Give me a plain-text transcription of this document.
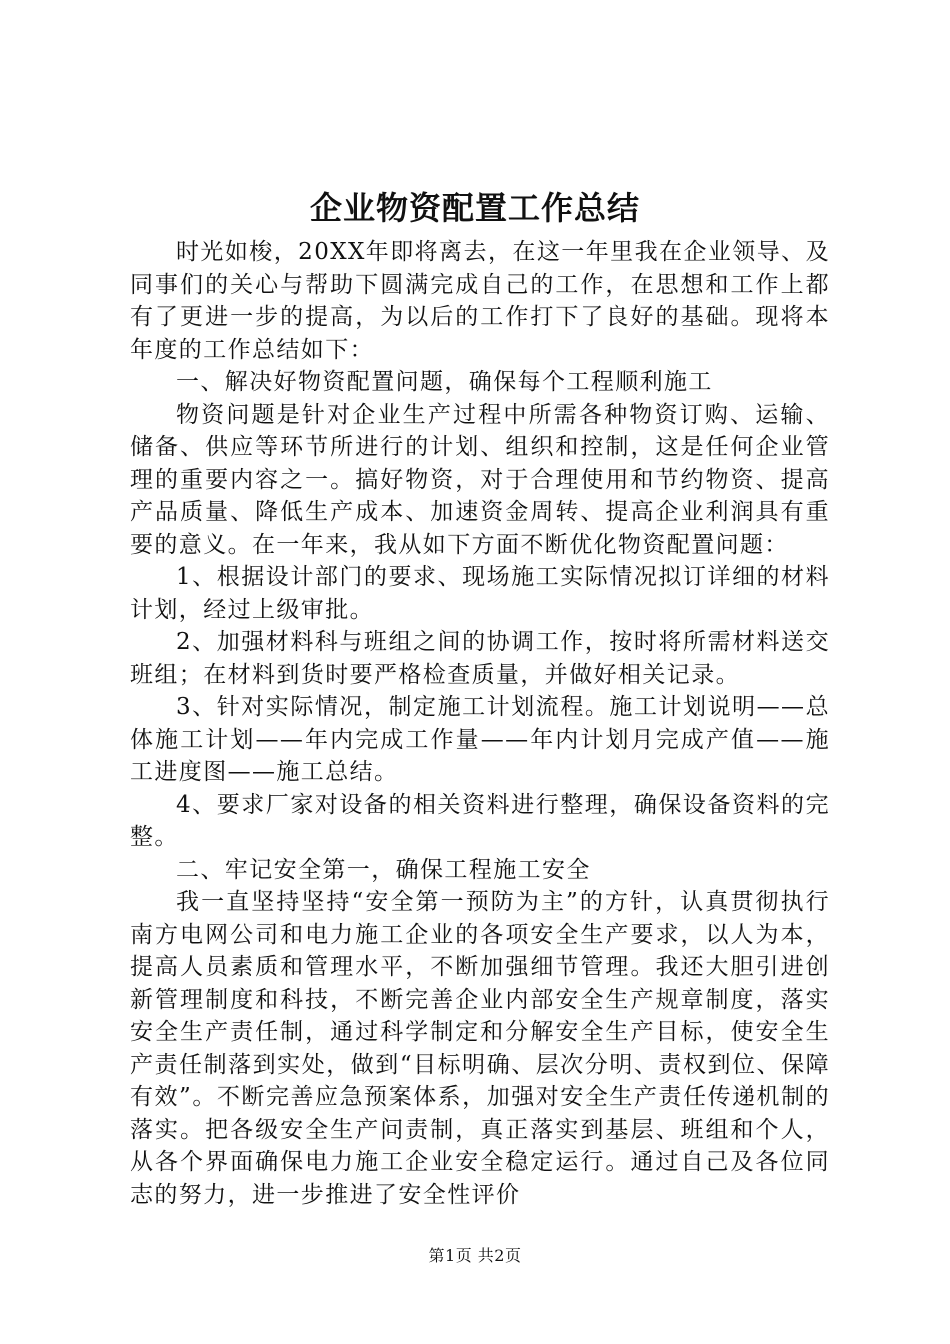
企业物资配置工作总结

时光如梭，20XX年即将离去，在这一年里我在企业领导、及同事们的关心与帮助下圆满完成自己的工作，在思想和工作上都有了更进一步的提高，为以后的工作打下了良好的基础。现将本年度的工作总结如下：

一、解决好物资配置问题，确保每个工程顺利施工

物资问题是针对企业生产过程中所需各种物资订购、运输、储备、供应等环节所进行的计划、组织和控制，这是任何企业管理的重要内容之一。搞好物资，对于合理使用和节约物资、提高产品质量、降低生产成本、加速资金周转、提高企业利润具有重要的意义。在一年来，我从如下方面不断优化物资配置问题：

1、根据设计部门的要求、现场施工实际情况拟订详细的材料计划，经过上级审批。

2、加强材料科与班组之间的协调工作，按时将所需材料送交班组；在材料到货时要严格检查质量，并做好相关记录。

3、针对实际情况，制定施工计划流程。施工计划说明——总体施工计划——年内完成工作量——年内计划月完成产值——施工进度图——施工总结。

4、要求厂家对设备的相关资料进行整理，确保设备资料的完整。

二、牢记安全第一，确保工程施工安全

我一直坚持坚持“安全第一预防为主”的方针，认真贯彻执行南方电网公司和电力施工企业的各项安全生产要求，以人为本，提高人员素质和管理水平，不断加强细节管理。我还大胆引进创新管理制度和科技，不断完善企业内部安全生产规章制度，落实安全生产责任制，通过科学制定和分解安全生产目标，使安全生产责任制落到实处，做到“目标明确、层次分明、责权到位、保障有效”。不断完善应急预案体系，加强对安全生产责任传递机制的落实。把各级安全生产问责制，真正落实到基层、班组和个人，从各个界面确保电力施工企业安全稳定运行。通过自己及各位同志的努力，进一步推进了安全性评价

第1页 共2页
